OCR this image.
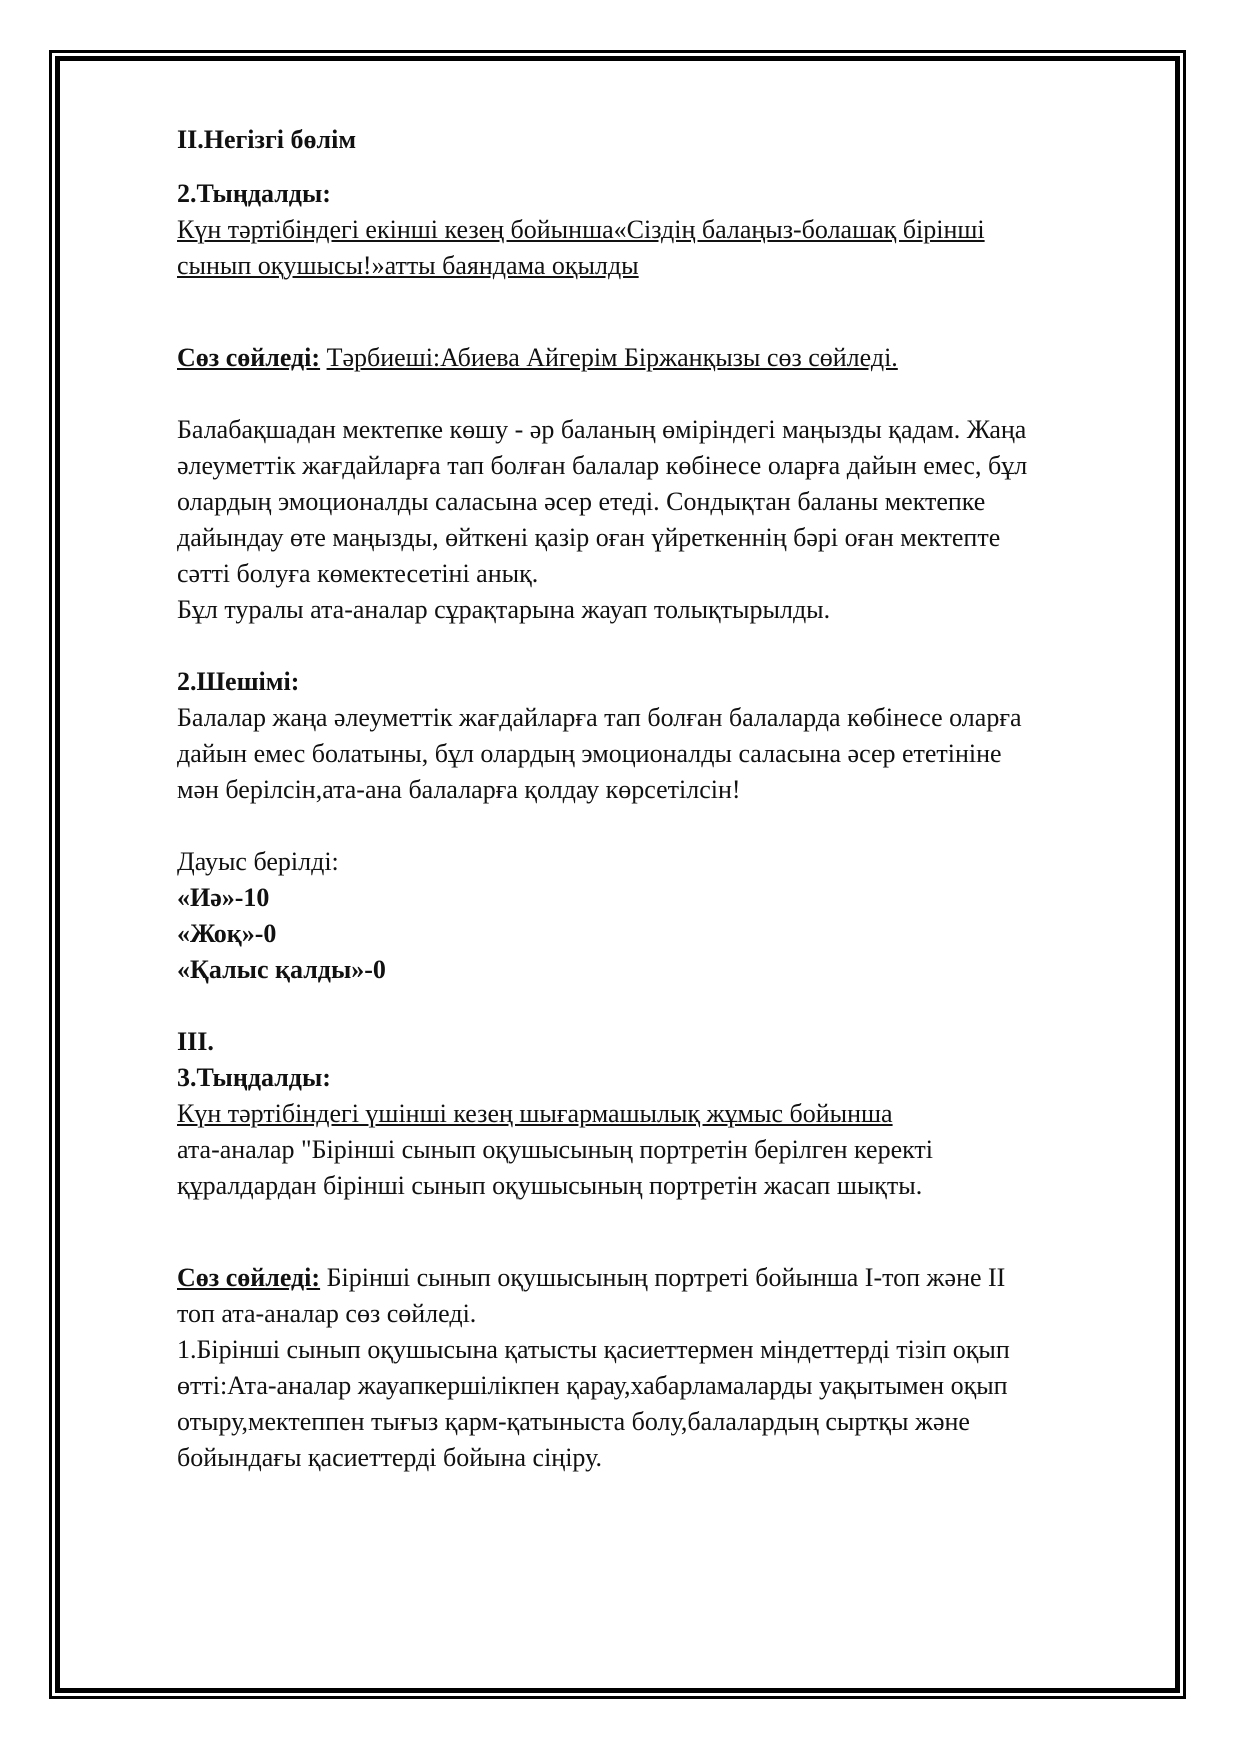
ІІ.Негізгі бөлім
2.Тыңдалды:
Күн тәртібіндегі екінші кезең бойынша«Сіздің балаңыз-болашақ бірінші
сынып оқушысы!»атты баяндама оқылды
Сөз сөйледі: Тәрбиеші:Абиева Айгерім Біржанқызы сөз сөйледі.
Балабақшадан мектепке көшу - әр баланың өміріндегі маңызды қадам. Жаңа
әлеуметтік жағдайларға тап болған балалар көбінесе оларға дайын емес, бұл
олардың эмоционалды саласына әсер етеді. Сондықтан баланы мектепке
дайындау өте маңызды, өйткені қазір оған үйреткеннің бәрі оған мектепте
сәтті болуға көмектесетіні анық.
Бұл туралы ата-аналар сұрақтарына жауап толықтырылды.
2.Шешімі:
Балалар жаңа әлеуметтік жағдайларға тап болған балаларда көбінесе оларға
дайын емес болатыны, бұл олардың эмоционалды саласына әсер ететініне
мән берілсін,ата-ана балаларға қолдау көрсетілсін!
Дауыс берілді:
«Иә»-10
«Жоқ»-0
«Қалыс қалды»-0
ІІІ.
3.Тыңдалды:
Күн тәртібіндегі үшінші кезең шығармашылық жұмыс бойынша
ата-аналар "Бірінші сынып оқушысының портретін берілген керекті
құралдардан бірінші сынып оқушысының портретін жасап шықты.
Сөз сөйледі: Бірінші сынып оқушысының портреті бойынша І-топ және ІІ
топ ата-аналар сөз сөйледі.
1.Бірінші сынып оқушысына қатысты қасиеттермен міндеттерді тізіп оқып
өтті:Ата-аналар жауапкершілікпен қарау,хабарламаларды уақытымен оқып
отыру,мектеппен тығыз қарм-қатыныста болу,балалардың сыртқы және
бойындағы қасиеттерді бойына сіңіру.
